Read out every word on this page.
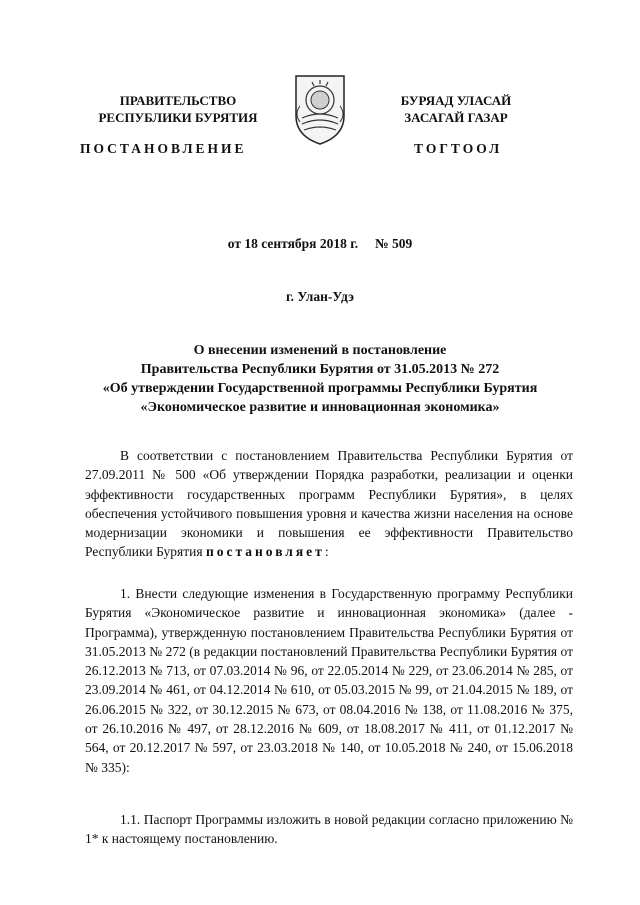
ПРАВИТЕЛЬСТВО
РЕСПУБЛИКИ БУРЯТИЯ
БУРЯАД УЛАСАЙ
ЗАСАГАЙ ГАЗАР
ПОСТАНОВЛЕНИЕ	ТОГТООЛ
от 18 сентября 2018 г.     № 509
г. Улан-Удэ
О внесении изменений в постановление
Правительства Республики Бурятия от 31.05.2013 № 272
«Об утверждении Государственной программы Республики Бурятия
«Экономическое развитие и инновационная экономика»
В соответствии с постановлением Правительства Республики Бурятия от 27.09.2011 № 500 «Об утверждении Порядка разработки, реализации и оценки эффективности государственных программ Республики Бурятия», в целях обеспечения устойчивого повышения уровня и качества жизни населения на основе модернизации экономики и повышения ее эффективности Правительство Республики Бурятия постановляет:
1. Внести следующие изменения в Государственную программу Республики Бурятия «Экономическое развитие и инновационная экономика» (далее - Программа), утвержденную постановлением Правительства Республики Бурятия от 31.05.2013 № 272 (в редакции постановлений Правительства Республики Бурятия от 26.12.2013 № 713, от 07.03.2014 № 96, от 22.05.2014 № 229, от 23.06.2014 № 285, от 23.09.2014 № 461, от 04.12.2014 № 610, от 05.03.2015 № 99, от 21.04.2015 № 189, от 26.06.2015 № 322, от 30.12.2015 № 673, от 08.04.2016 № 138, от 11.08.2016 № 375, от 26.10.2016 № 497, от 28.12.2016 № 609, от 18.08.2017 № 411, от 01.12.2017 № 564, от 20.12.2017 № 597, от 23.03.2018 № 140, от 10.05.2018 № 240, от 15.06.2018 № 335):
1.1. Паспорт Программы изложить в новой редакции согласно приложению № 1* к настоящему постановлению.
